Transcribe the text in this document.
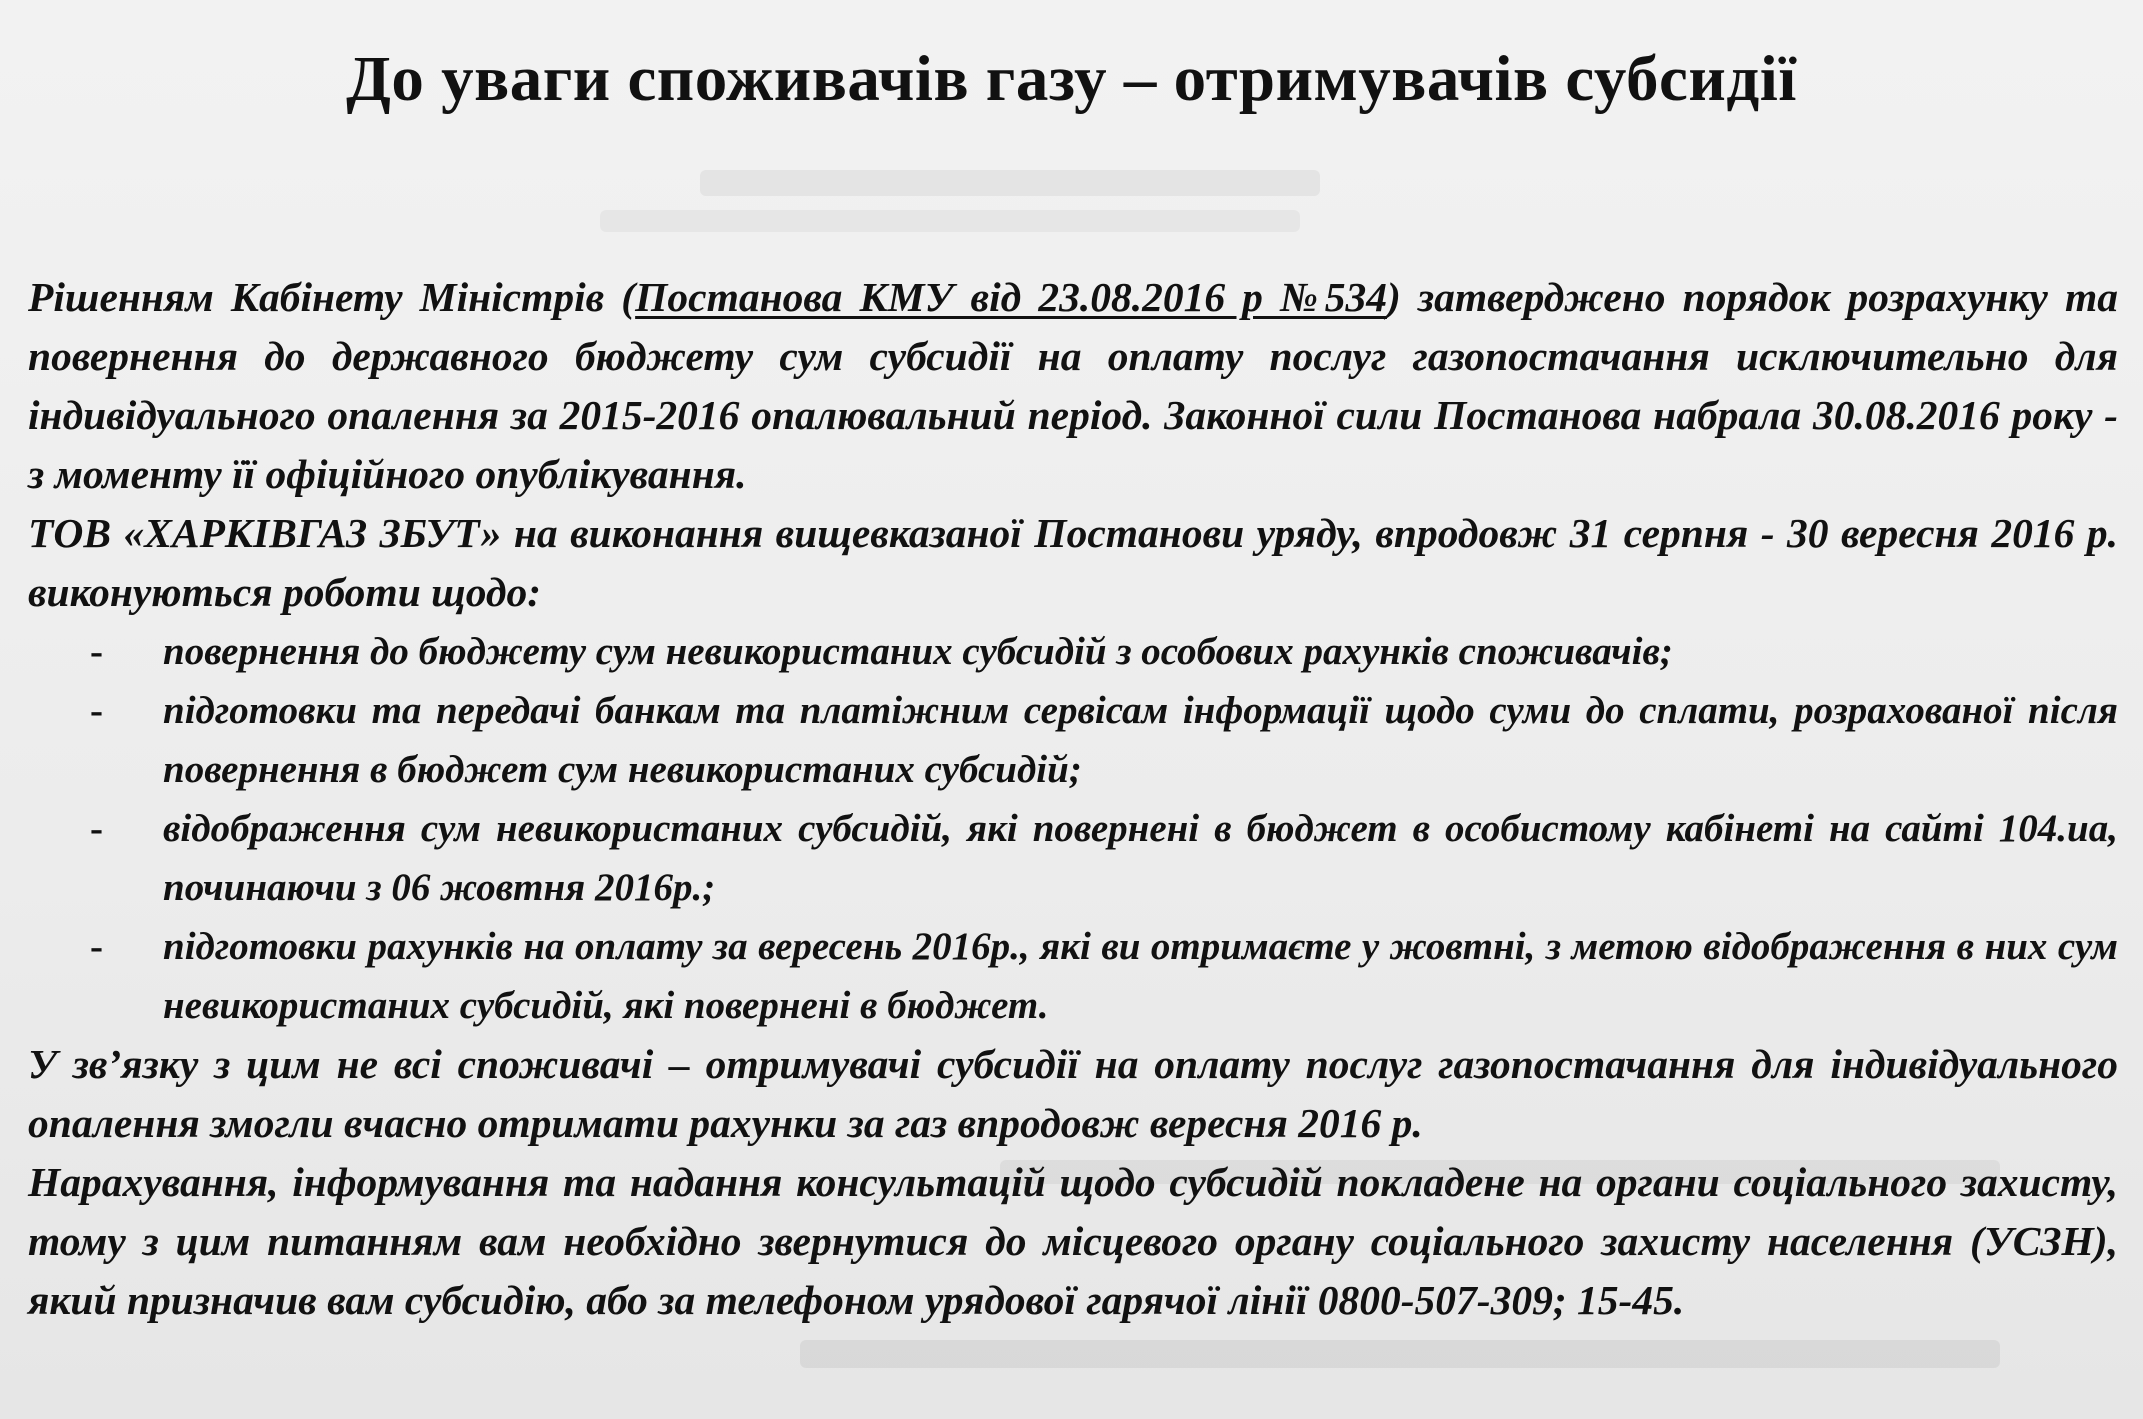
До уваги споживачів газу – отримувачів субсидії

Рішенням Кабінету Міністрів (Постанова КМУ від 23.08.2016 р №534) затверджено порядок розрахунку та повернення до державного бюджету сум субсидії на оплату послуг газопостачання исключительно для індивідуального опалення за 2015-2016 опалювальний період. Законної сили Постанова набрала 30.08.2016 року - з моменту її офіційного опублікування.

ТОВ «ХАРКІВГАЗ ЗБУТ» на виконання вищевказаної Постанови уряду, впродовж 31 серпня - 30 вересня 2016 р. виконуються роботи щодо:

- повернення до бюджету сум невикористаних субсидій з особових рахунків споживачів;
- підготовки та передачі банкам та платіжним сервісам інформації щодо суми до сплати, розрахованої після повернення в бюджет сум невикористаних субсидій;
- відображення сум невикористаних субсидій, які повернені в бюджет в особистому кабінеті на сайті 104.ua, починаючи з 06 жовтня 2016р.;
- підготовки рахунків на оплату за вересень 2016р., які ви отримаєте у жовтні, з метою відображення в них сум невикористаних субсидій, які повернені в бюджет.

У зв’язку з цим не всі споживачі – отримувачі субсидії на оплату послуг газопостачання для індивідуального опалення змогли вчасно отримати рахунки за газ впродовж вересня 2016 р.

Нарахування, інформування та надання консультацій щодо субсидій покладене на органи соціального захисту, тому з цим питанням вам необхідно звернутися до місцевого органу соціального захисту населення (УСЗН), який призначив вам субсидію, або за телефоном урядової гарячої лінії 0800-507-309; 15-45.
